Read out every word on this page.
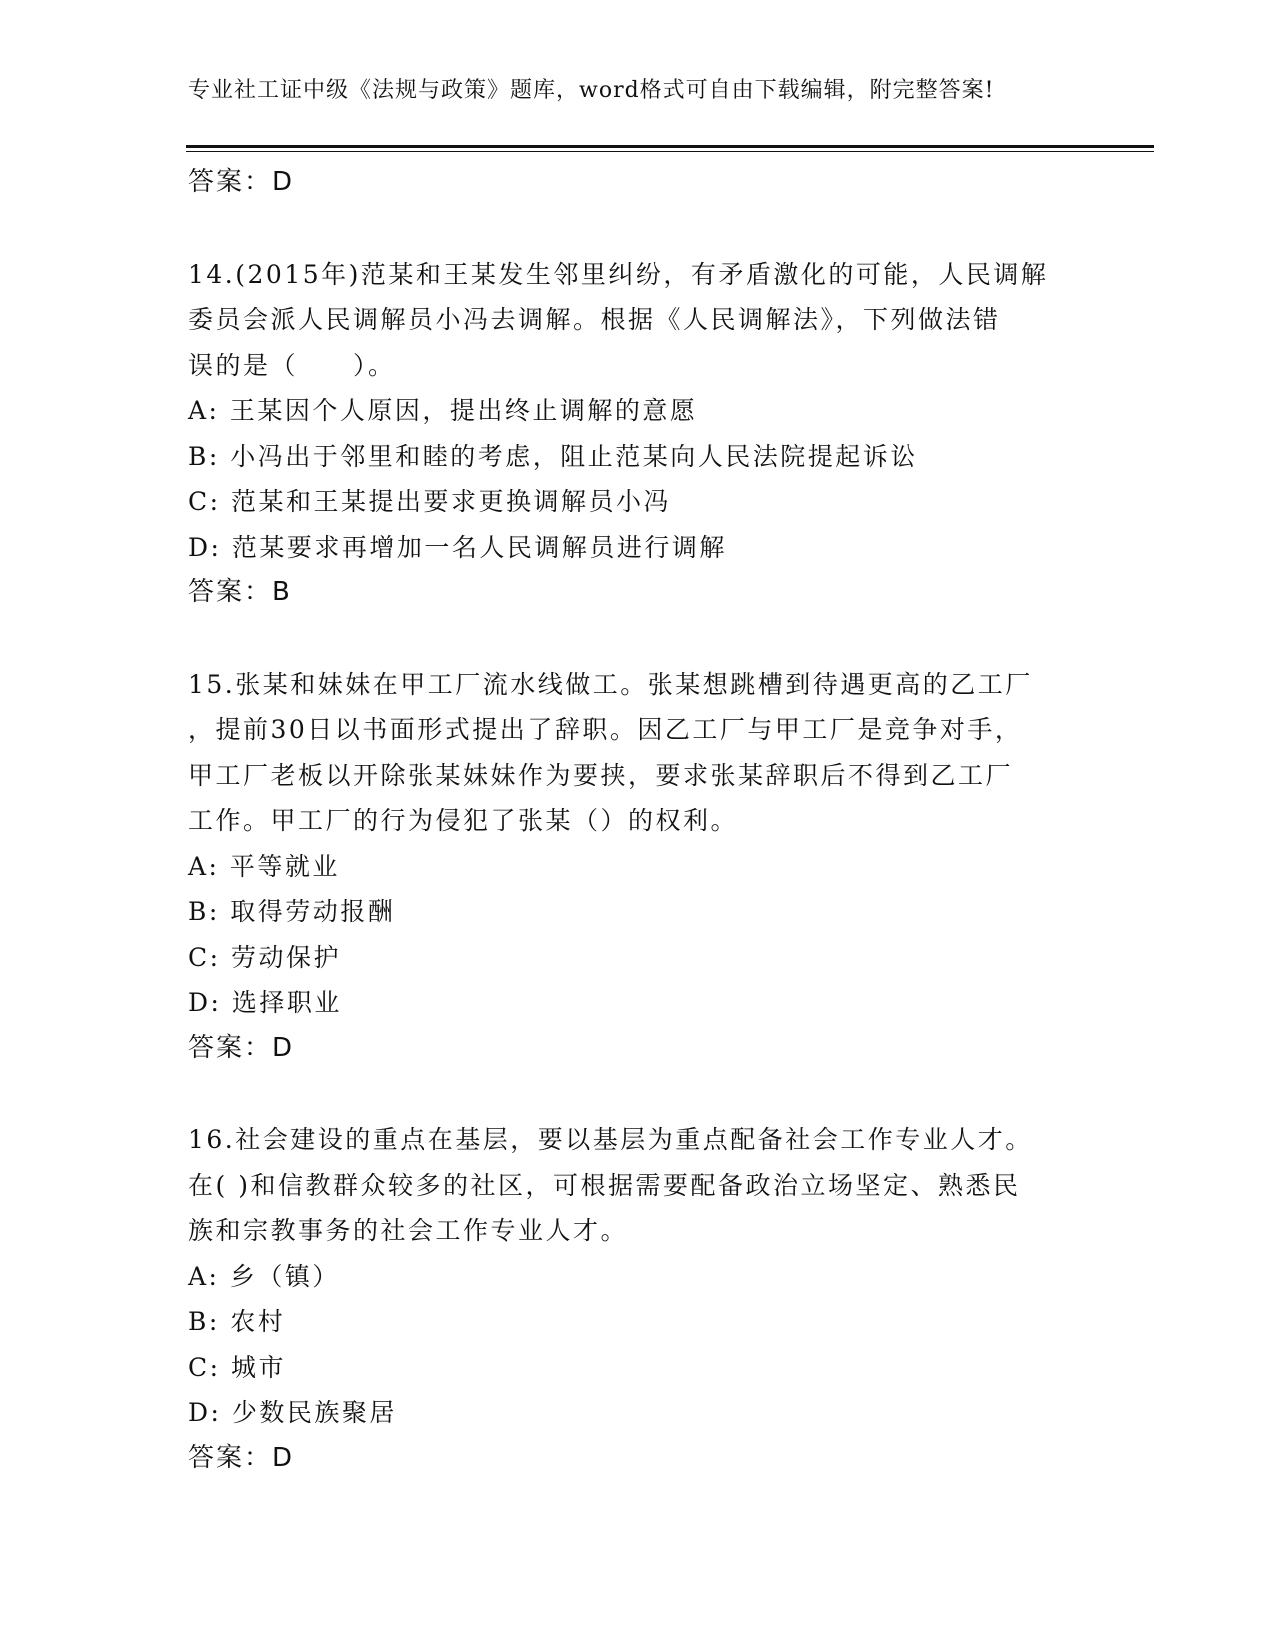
专业社工证中级《法规与政策》题库，word格式可自由下载编辑，附完整答案!
答案：D
14.(2015年)范某和王某发生邻里纠纷，有矛盾激化的可能，人民调解
委员会派人民调解员小冯去调解。根据《人民调解法》，下列做法错
误的是（　　）。
A: 王某因个人原因，提出终止调解的意愿
B: 小冯出于邻里和睦的考虑，阻止范某向人民法院提起诉讼
C: 范某和王某提出要求更换调解员小冯
D: 范某要求再增加一名人民调解员进行调解
答案：B
15.张某和妹妹在甲工厂流水线做工。张某想跳槽到待遇更高的乙工厂
，提前30日以书面形式提出了辞职。因乙工厂与甲工厂是竞争对手，
甲工厂老板以开除张某妹妹作为要挟，要求张某辞职后不得到乙工厂
工作。甲工厂的行为侵犯了张某（）的权利。
A: 平等就业
B: 取得劳动报酬
C: 劳动保护
D: 选择职业
答案：D
16.社会建设的重点在基层，要以基层为重点配备社会工作专业人才。
在( )和信教群众较多的社区，可根据需要配备政治立场坚定、熟悉民
族和宗教事务的社会工作专业人才。
A: 乡（镇）
B: 农村
C: 城市
D: 少数民族聚居
答案：D
